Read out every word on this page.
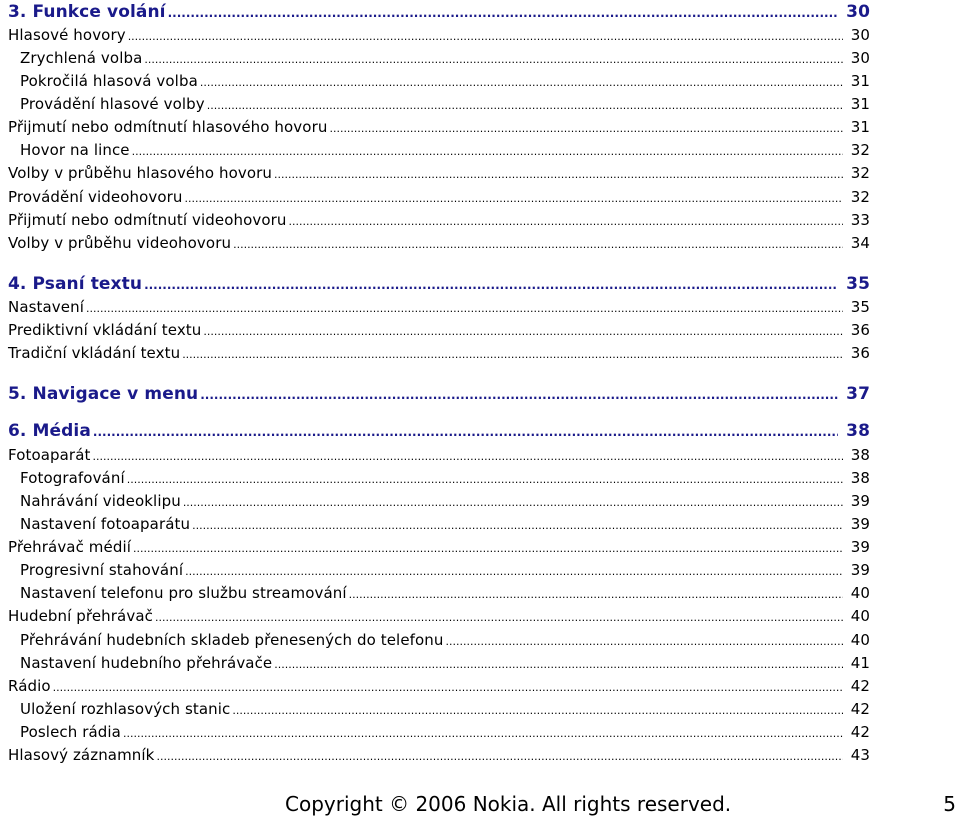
3. Funkce volání .....	30
Hlasové hovory .....	30
Zrychlená volba .....	30
Pokročilá hlasová volba .....	31
Provádění hlasové volby .....	31
Přijmutí nebo odmítnutí hlasového hovoru .....	31
Hovor na lince .....	32
Volby v průběhu hlasového hovoru .....	32
Provádění videohovoru .....	32
Přijmutí nebo odmítnutí videohovoru .....	33
Volby v průběhu videohovoru .....	34
4. Psaní textu .....	35
Nastavení .....	35
Prediktivní vkládání textu .....	36
Tradiční vkládání textu .....	36
5. Navigace v menu .....	37
6. Média .....	38
Fotoaparát .....	38
Fotografování .....	38
Nahrávání videoklipu .....	39
Nastavení fotoaparátu .....	39
Přehrávač médií .....	39
Progresivní stahování .....	39
Nastavení telefonu pro službu streamování .....	40
Hudební přehrávač .....	40
Přehrávání hudebních skladeb přenesených do telefonu .....	40
Nastavení hudebního přehrávače .....	41
Rádio .....	42
Uložení rozhlasových stanic .....	42
Poslech rádia .....	42
Hlasový záznamník .....	43
Copyright © 2006 Nokia. All rights reserved.	5
